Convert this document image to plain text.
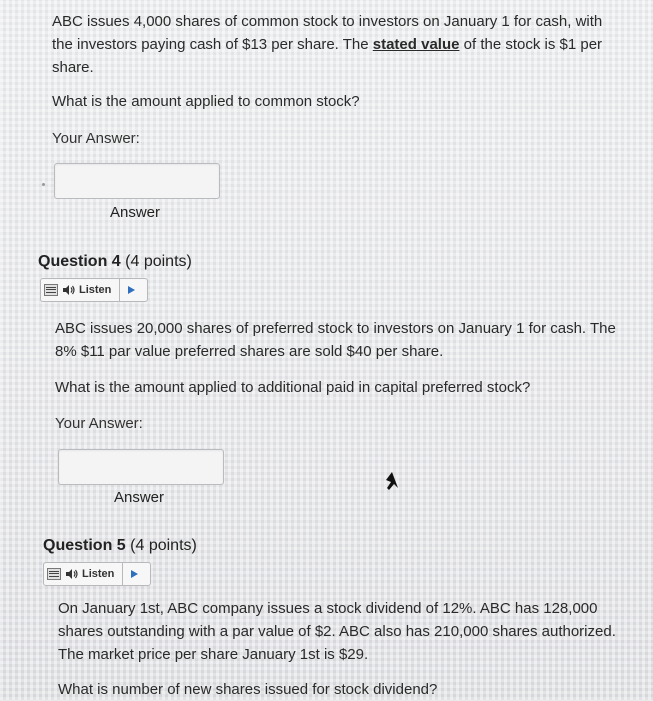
ABC issues 4,000 shares of common stock to investors on January 1 for cash, with the investors paying cash of $13 per share. The stated value of the stock is $1 per share.
What is the amount applied to common stock?
Your Answer:
Answer
Question 4 (4 points)
Listen
ABC issues 20,000 shares of preferred stock to investors on January 1 for cash. The 8% $11 par value preferred shares are sold $40 per share.
What is the amount applied to additional paid in capital preferred stock?
Your Answer:
Answer
Question 5 (4 points)
Listen
On January 1st, ABC company issues a stock dividend of 12%. ABC has 128,000 shares outstanding with a par value of $2. ABC also has 210,000 shares authorized. The market price per share January 1st is $29.
What is number of new shares issued for stock dividend?
